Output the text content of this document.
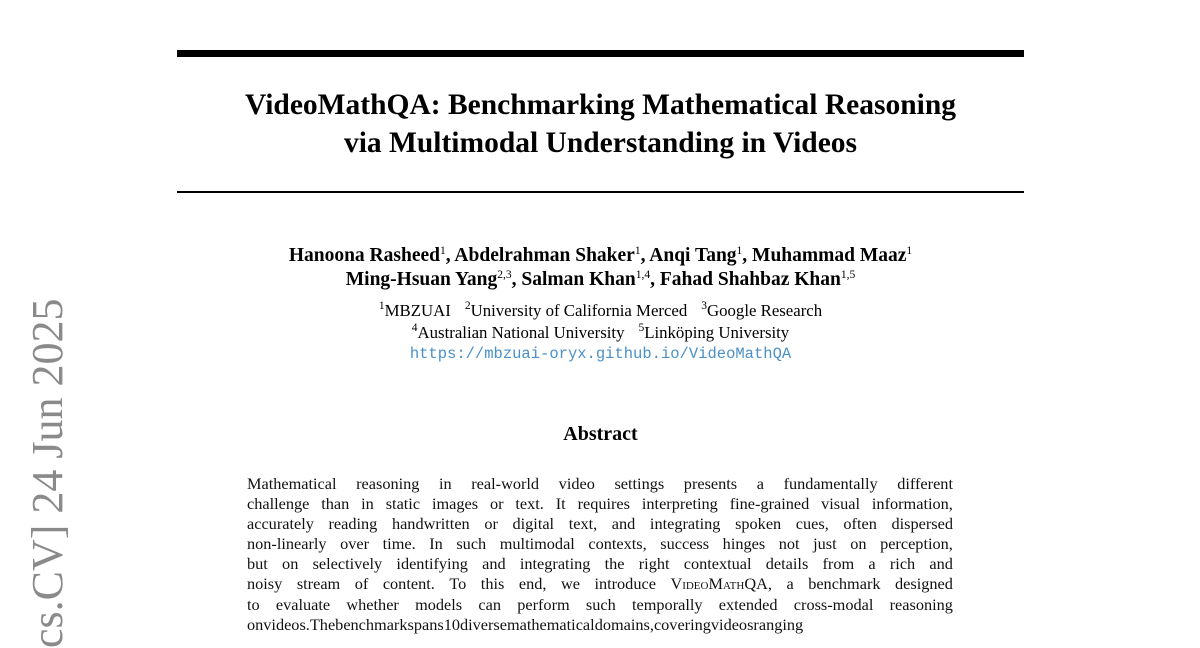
VideoMathQA: Benchmarking Mathematical Reasoning
via Multimodal Understanding in Videos
Hanoona Rasheed$^1$, Abdelrahman Shaker$^1$, Anqi Tang$^1$, Muhammad Maaz$^1$
Ming-Hsuan Yang$^{2,3}$, Salman Khan$^{1,4}$, Fahad Shahbaz Khan$^{1,5}$
$^1$MBZUAI $^2$University of California Merced $^3$Google Research
$^4$Australian National University $^5$Linköping University
https://mbzuai-oryx.github.io/VideoMathQA
Abstract
Mathematical reasoning in real-world video settings presents a fundamentally different
challenge than in static images or text. It requires interpreting fine-grained visual information,
accurately reading handwritten or digital text, and integrating spoken cues, often dispersed
non-linearly over time. In such multimodal contexts, success hinges not just on perception,
but on selectively identifying and integrating the right contextual details from a rich and
noisy stream of content. To this end, we introduce VideoMathQA, a benchmark designed
to evaluate whether models can perform such temporally extended cross-modal reasoning
on videos. The benchmark spans 10 diverse mathematical domains, covering videos ranging
cs.CV] 24 Jun 2025
